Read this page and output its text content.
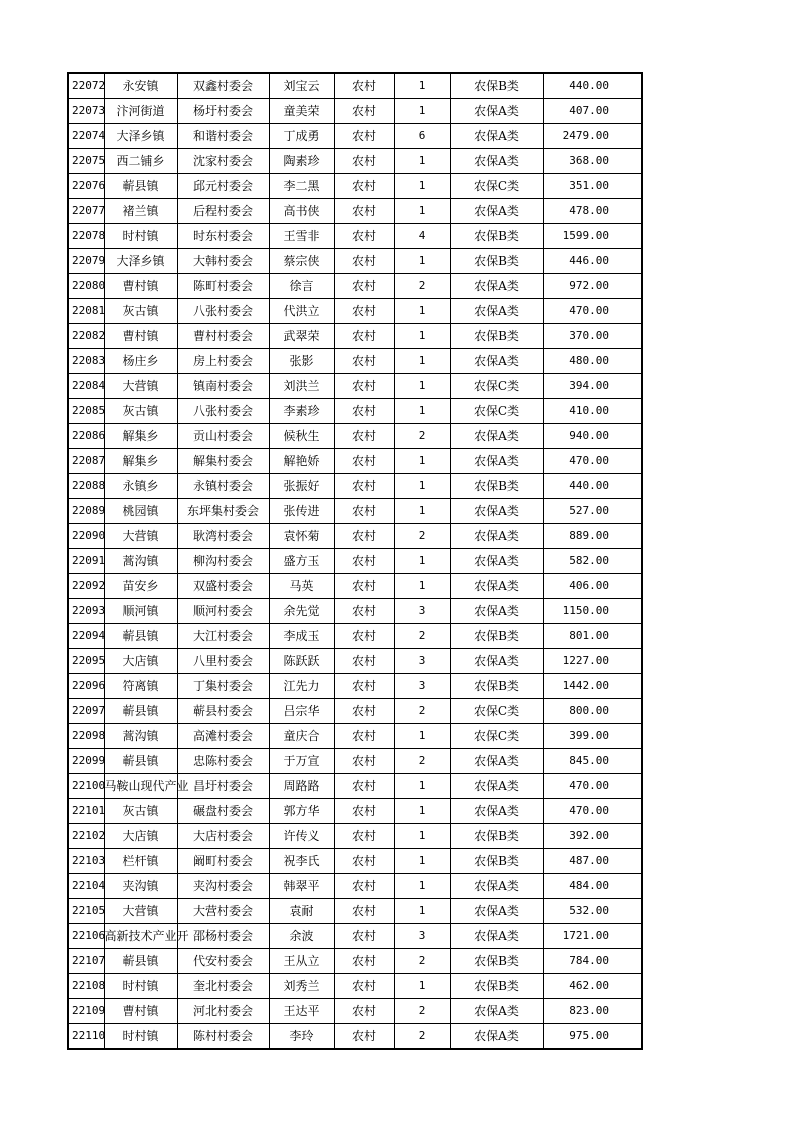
22072	永安镇	双鑫村委会	刘宝云	农村	1	农保B类	440.00
22073	汴河街道	杨圩村委会	童美荣	农村	1	农保A类	407.00
22074	大泽乡镇	和谐村委会	丁成勇	农村	6	农保A类	2479.00
22075	西二铺乡	沈家村委会	陶素珍	农村	1	农保A类	368.00
22076	蕲县镇	邱元村委会	李二黑	农村	1	农保C类	351.00
22077	褚兰镇	后程村委会	高书侠	农村	1	农保A类	478.00
22078	时村镇	时东村委会	王雪非	农村	4	农保B类	1599.00
22079	大泽乡镇	大韩村委会	蔡宗侠	农村	1	农保B类	446.00
22080	曹村镇	陈町村委会	徐言	农村	2	农保A类	972.00
22081	灰古镇	八张村委会	代洪立	农村	1	农保A类	470.00
22082	曹村镇	曹村村委会	武翠荣	农村	1	农保B类	370.00
22083	杨庄乡	房上村委会	张影	农村	1	农保A类	480.00
22084	大营镇	镇南村委会	刘洪兰	农村	1	农保C类	394.00
22085	灰古镇	八张村委会	李素珍	农村	1	农保C类	410.00
22086	解集乡	贡山村委会	候秋生	农村	2	农保A类	940.00
22087	解集乡	解集村委会	解艳娇	农村	1	农保A类	470.00
22088	永镇乡	永镇村委会	张振好	农村	1	农保B类	440.00
22089	桃园镇	东坪集村委会	张传进	农村	1	农保A类	527.00
22090	大营镇	耿湾村委会	袁怀菊	农村	2	农保A类	889.00
22091	蒿沟镇	柳沟村委会	盛方玉	农村	1	农保A类	582.00
22092	苗安乡	双盛村委会	马英	农村	1	农保A类	406.00
22093	顺河镇	顺河村委会	余先觉	农村	3	农保A类	1150.00
22094	蕲县镇	大江村委会	李成玉	农村	2	农保B类	801.00
22095	大店镇	八里村委会	陈跃跃	农村	3	农保A类	1227.00
22096	符离镇	丁集村委会	江先力	农村	3	农保B类	1442.00
22097	蕲县镇	蕲县村委会	吕宗华	农村	2	农保C类	800.00
22098	蒿沟镇	高滩村委会	童庆合	农村	1	农保C类	399.00
22099	蕲县镇	忠陈村委会	于万宣	农村	2	农保A类	845.00
22100	马鞍山现代产业	昌圩村委会	周路路	农村	1	农保A类	470.00
22101	灰古镇	碾盘村委会	郭方华	农村	1	农保A类	470.00
22102	大店镇	大店村委会	许传义	农村	1	农保B类	392.00
22103	栏杆镇	阚町村委会	祝李氏	农村	1	农保B类	487.00
22104	夹沟镇	夹沟村委会	韩翠平	农村	1	农保A类	484.00
22105	大营镇	大营村委会	袁耐	农村	1	农保A类	532.00
22106	高新技术产业开	邵杨村委会	余波	农村	3	农保A类	1721.00
22107	蕲县镇	代安村委会	王从立	农村	2	农保B类	784.00
22108	时村镇	奎北村委会	刘秀兰	农村	1	农保B类	462.00
22109	曹村镇	河北村委会	王达平	农村	2	农保A类	823.00
22110	时村镇	陈村村委会	李玲	农村	2	农保A类	975.00
